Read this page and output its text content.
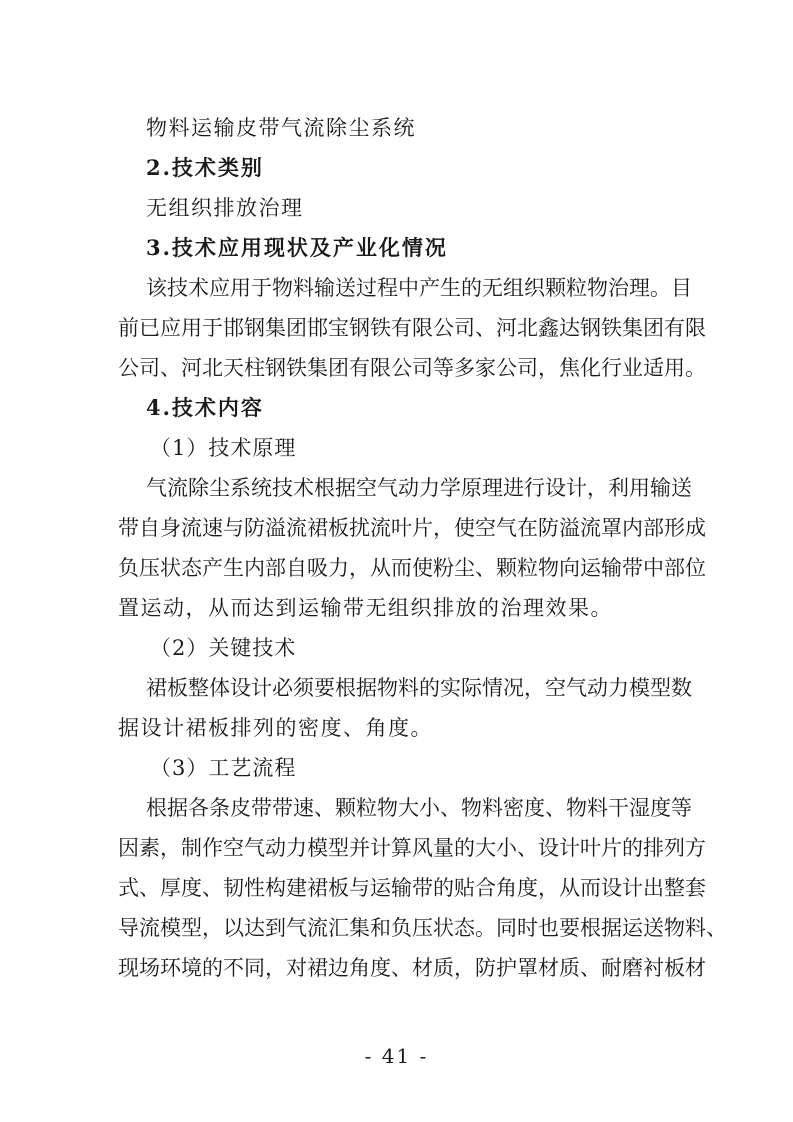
物料运输皮带气流除尘系统
2.技术类别
无组织排放治理
3.技术应用现状及产业化情况
该技术应用于物料输送过程中产生的无组织颗粒物治理。目
前已应用于邯钢集团邯宝钢铁有限公司、河北鑫达钢铁集团有限
公司、河北天柱钢铁集团有限公司等多家公司，焦化行业适用。
4.技术内容
（1）技术原理
气流除尘系统技术根据空气动力学原理进行设计，利用输送
带自身流速与防溢流裙板扰流叶片，使空气在防溢流罩内部形成
负压状态产生内部自吸力，从而使粉尘、颗粒物向运输带中部位
置运动，从而达到运输带无组织排放的治理效果。
（2）关键技术
裙板整体设计必须要根据物料的实际情况，空气动力模型数
据设计裙板排列的密度、角度。
（3）工艺流程
根据各条皮带带速、颗粒物大小、物料密度、物料干湿度等
因素，制作空气动力模型并计算风量的大小、设计叶片的排列方
式、厚度、韧性构建裙板与运输带的贴合角度，从而设计出整套
导流模型，以达到气流汇集和负压状态。同时也要根据运送物料、
现场环境的不同，对裙边角度、材质，防护罩材质、耐磨衬板材
- 41 -
